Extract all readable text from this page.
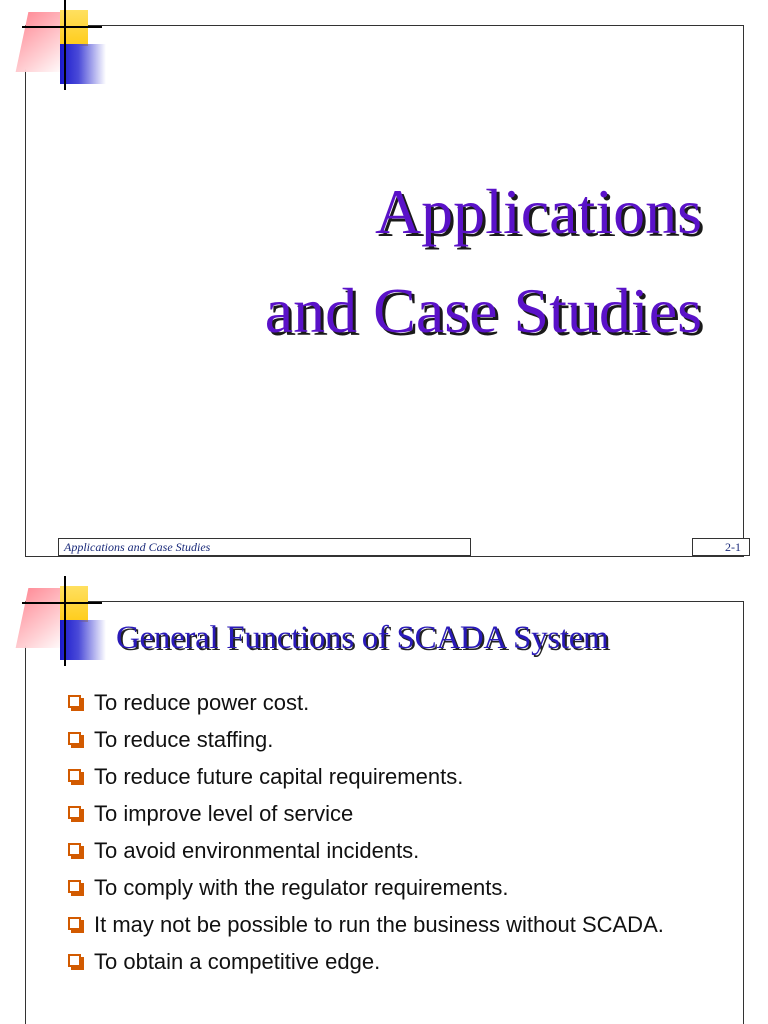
Applications
and Case Studies
Applications and Case Studies	2-1
General Functions of SCADA System
To reduce power cost.
To reduce staffing.
To reduce future capital requirements.
To improve level of service
To avoid environmental incidents.
To comply with the regulator requirements.
It may not be possible to run the business without SCADA.
To obtain a competitive edge.
